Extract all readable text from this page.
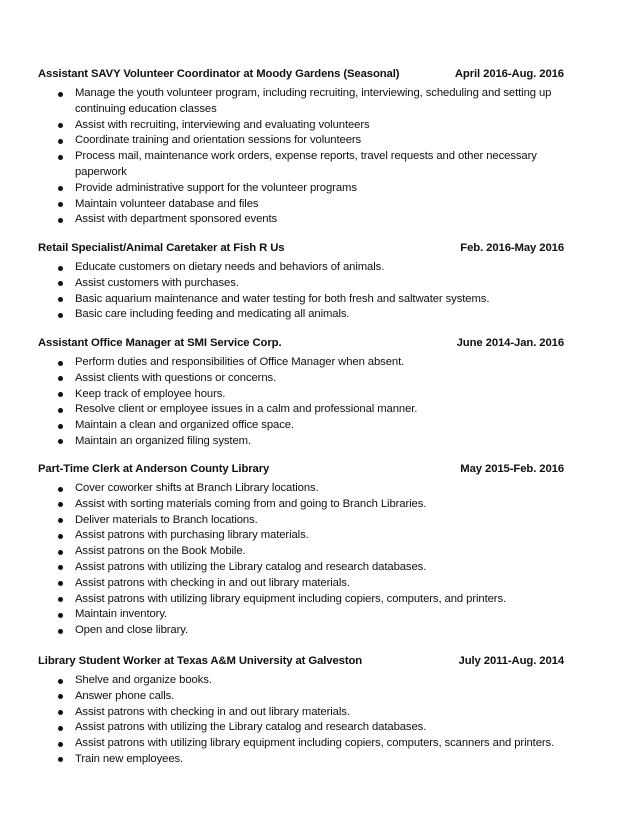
Assistant SAVY Volunteer Coordinator at Moody Gardens (Seasonal)	April 2016-Aug. 2016
Manage the youth volunteer program, including recruiting, interviewing, scheduling and setting up continuing education classes
Assist with recruiting, interviewing and evaluating volunteers
Coordinate training and orientation sessions for volunteers
Process mail, maintenance work orders, expense reports, travel requests and other necessary paperwork
Provide administrative support for the volunteer programs
Maintain volunteer database and files
Assist with department sponsored events
Retail Specialist/Animal Caretaker at Fish R Us	Feb. 2016-May 2016
Educate customers on dietary needs and behaviors of animals.
Assist customers with purchases.
Basic aquarium maintenance and water testing for both fresh and saltwater systems.
Basic care including feeding and medicating all animals.
Assistant Office Manager at SMI Service Corp.	June 2014-Jan. 2016
Perform duties and responsibilities of Office Manager when absent.
Assist clients with questions or concerns.
Keep track of employee hours.
Resolve client or employee issues in a calm and professional manner.
Maintain a clean and organized office space.
Maintain an organized filing system.
Part-Time Clerk at Anderson County Library	May 2015-Feb. 2016
Cover coworker shifts at Branch Library locations.
Assist with sorting materials coming from and going to Branch Libraries.
Deliver materials to Branch locations.
Assist patrons with purchasing library materials.
Assist patrons on the Book Mobile.
Assist patrons with utilizing the Library catalog and research databases.
Assist patrons with checking in and out library materials.
Assist patrons with utilizing library equipment including copiers, computers, and printers.
Maintain inventory.
Open and close library.
Library Student Worker at Texas A&M University at Galveston	July 2011-Aug. 2014
Shelve and organize books.
Answer phone calls.
Assist patrons with checking in and out library materials.
Assist patrons with utilizing the Library catalog and research databases.
Assist patrons with utilizing library equipment including copiers, computers, scanners and printers.
Train new employees.
